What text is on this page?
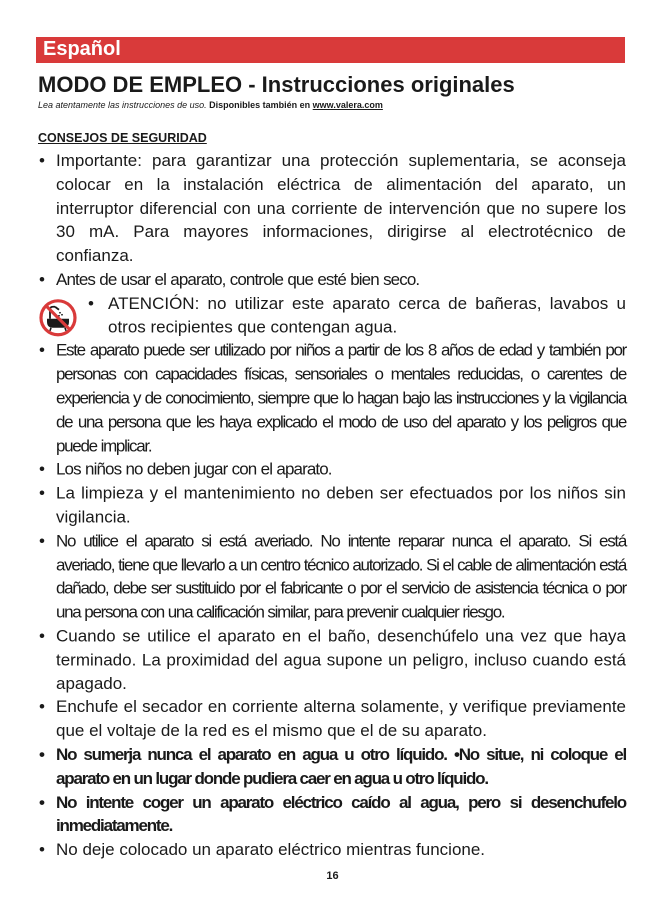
Español
MODO DE EMPLEO - Instrucciones originales
Lea atentamente las instrucciones de uso. Disponibles también en www.valera.com
CONSEJOS DE SEGURIDAD
• Importante: para garantizar una protección suplementaria, se aconseja colocar en la instalación eléctrica de alimentación del aparato, un interruptor diferencial con una corriente de intervención que no supere los 30 mA. Para mayores informaciones, dirigirse al electrotécnico de confianza.
• Antes de usar el aparato, controle que esté bien seco.
• ATENCIÓN: no utilizar este aparato cerca de bañeras, lavabos u otros recipientes que contengan agua.
• Este aparato puede ser utilizado por niños a partir de los 8 años de edad y también por personas con capacidades físicas, sensoriales o mentales reducidas, o carentes de experiencia y de conocimiento, siempre que lo hagan bajo las instrucciones y la vigilancia de una persona que les haya explicado el modo de uso del aparato y los peligros que puede implicar.
• Los niños no deben jugar con el aparato.
• La limpieza y el mantenimiento no deben ser efectuados por los niños sin vigilancia.
• No utilice el aparato si está averiado. No intente reparar nunca el aparato. Si está averiado, tiene que llevarlo a un centro técnico autorizado. Si el cable de alimentación está dañado, debe ser sustituido por el fabricante o por el servicio de asistencia técnica o por una persona con una calificación similar, para prevenir cualquier riesgo.
• Cuando se utilice el aparato en el baño, desenchúfelo una vez que haya terminado. La proximidad del agua supone un peligro, incluso cuando está apagado.
• Enchufe el secador en corriente alterna solamente, y verifique previamente que el voltaje de la red es el mismo que el de su aparato.
• No sumerja nunca el aparato en agua u otro líquido. •No situe, ni coloque el aparato en un lugar donde pudiera caer en agua u otro líquido.
• No intente coger un aparato eléctrico caído al agua, pero si desenchufelo inmediatamente.
• No deje colocado un aparato eléctrico mientras funcione.
16
